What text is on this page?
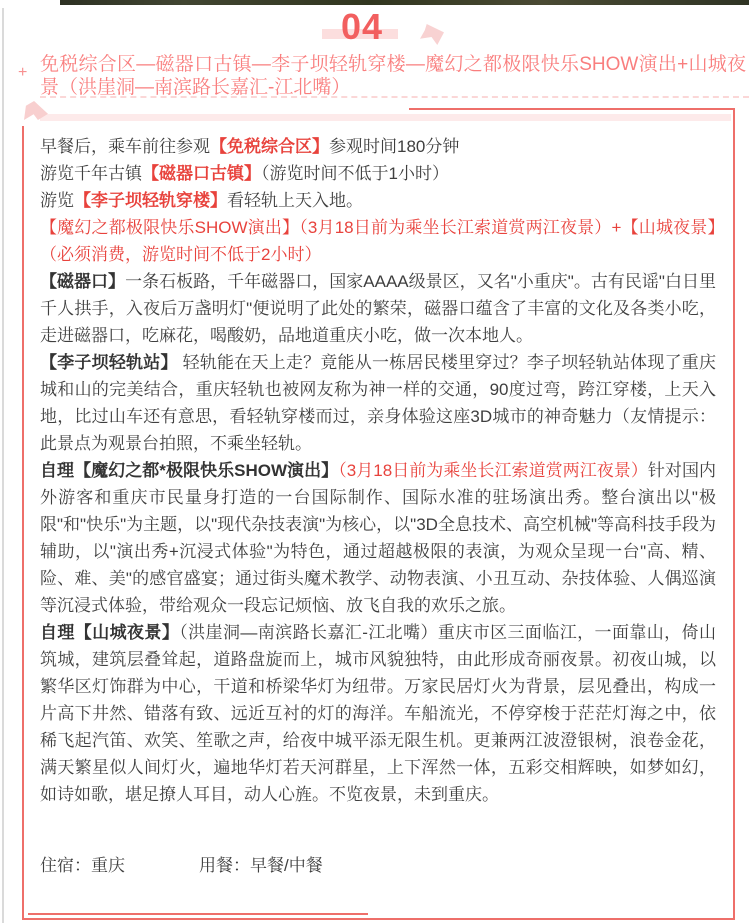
04
+ 免税综合区—磁器口古镇—李子坝轻轨穿楼—魔幻之都极限快乐SHOW演出+山城夜景（洪崖洞—南滨路长嘉汇-江北嘴）

早餐后，乘车前往参观【免税综合区】参观时间180分钟

游览千年古镇【磁器口古镇】（游览时间不低于1小时）

游览【李子坝轻轨穿楼】看轻轨上天入地。

【魔幻之都极限快乐SHOW演出】（3月18日前为乘坐长江索道赏两江夜景）+【山城夜景】（必须消费，游览时间不低于2小时）

【磁器口】一条石板路，千年磁器口，国家AAAA级景区，又名"小重庆"。古有民谣"白日里千人拱手，入夜后万盏明灯"便说明了此处的繁荣，磁器口蕴含了丰富的文化及各类小吃，走进磁器口，吃麻花，喝酸奶，品地道重庆小吃，做一次本地人。

【李子坝轻轨站】 轻轨能在天上走？竟能从一栋居民楼里穿过？李子坝轻轨站体现了重庆城和山的完美结合，重庆轻轨也被网友称为神一样的交通，90度过弯，跨江穿楼，上天入地，比过山车还有意思，看轻轨穿楼而过，亲身体验这座3D城市的神奇魅力（友情提示：此景点为观景台拍照，不乘坐轻轨。

自理【魔幻之都*极限快乐SHOW演出】（3月18日前为乘坐长江索道赏两江夜景）针对国内外游客和重庆市民量身打造的一台国际制作、国际水准的驻场演出秀。整台演出以"极限"和"快乐"为主题，以"现代杂技表演"为核心，以"3D全息技术、高空机械"等高科技手段为辅助，以"演出秀+沉浸式体验"为特色，通过超越极限的表演，为观众呈现一台"高、精、险、难、美"的感官盛宴；通过街头魔术教学、动物表演、小丑互动、杂技体验、人偶巡演等沉浸式体验，带给观众一段忘记烦恼、放飞自我的欢乐之旅。

自理【山城夜景】（洪崖洞—南滨路长嘉汇-江北嘴）重庆市区三面临江，一面靠山，倚山筑城，建筑层叠耸起，道路盘旋而上，城市风貌独特，由此形成奇丽夜景。初夜山城，以繁华区灯饰群为中心，干道和桥梁华灯为纽带。万家民居灯火为背景，层见叠出，构成一片高下井然、错落有致、远近互衬的灯的海洋。车船流光，不停穿梭于茫茫灯海之中，依稀飞起汽笛、欢笑、笙歌之声，给夜中城平添无限生机。更兼两江波澄银树，浪卷金花，满天繁星似人间灯火，遍地华灯若天河群星，上下浑然一体，五彩交相辉映，如梦如幻，如诗如歌，堪足撩人耳目，动人心旌。不览夜景，未到重庆。

住宿：重庆	用餐：早餐/中餐
